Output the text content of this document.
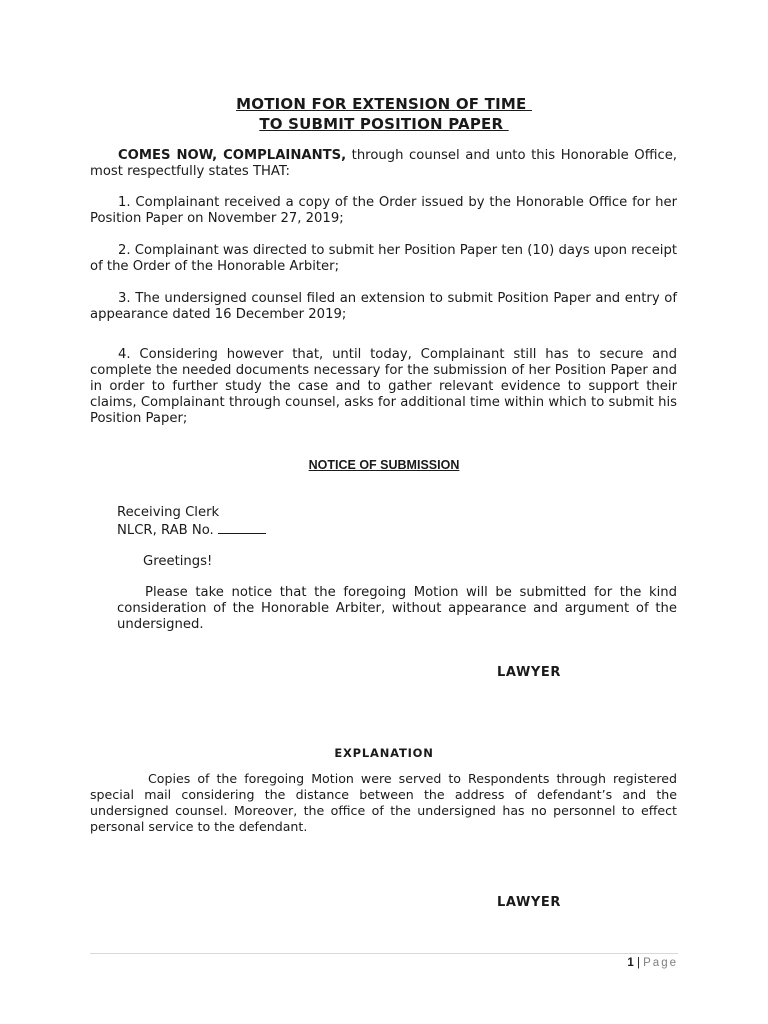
MOTION FOR EXTENSION OF TIME
TO SUBMIT POSITION PAPER
COMES NOW, COMPLAINANTS, through counsel and unto this Honorable Office, most respectfully states THAT:
1. Complainant received a copy of the Order issued by the Honorable Office for her Position Paper on November 27, 2019;
2. Complainant was directed to submit her Position Paper ten (10) days upon receipt of the Order of the Honorable Arbiter;
3. The undersigned counsel filed an extension to submit Position Paper and entry of appearance dated 16 December 2019;
4. Considering however that, until today, Complainant still has to secure and complete the needed documents necessary for the submission of her Position Paper and in order to further study the case and to gather relevant evidence to support their claims, Complainant through counsel, asks for additional time within which to submit his Position Paper;
NOTICE OF SUBMISSION
Receiving Clerk
NLCR, RAB No.
Greetings!
Please take notice that the foregoing Motion will be submitted for the kind consideration of the Honorable Arbiter, without appearance and argument of the undersigned.
LAWYER
EXPLANATION
Copies of the foregoing Motion were served to Respondents through registered special mail considering the distance between the address of defendant’s and the undersigned counsel. Moreover, the office of the undersigned has no personnel to effect personal service to the defendant.
LAWYER
1 | Page
